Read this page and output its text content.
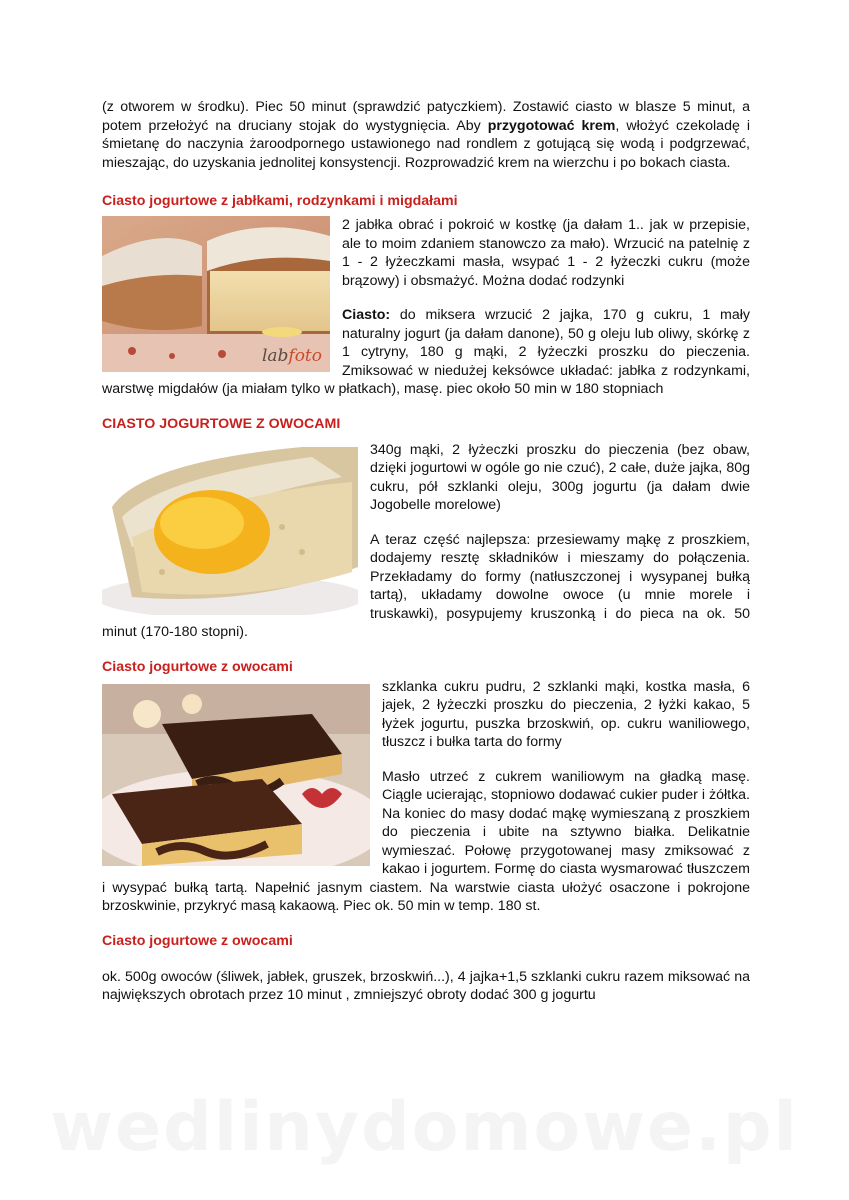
(z otworem w środku). Piec 50 minut (sprawdzić patyczkiem). Zostawić ciasto w blasze 5 minut, a potem przełożyć na druciany stojak do wystygnięcia. Aby przygotować krem, włożyć czekoladę i śmietanę do naczynia żaroodpornego ustawionego nad rondlem z gotującą się wodą i podgrzewać, mieszając, do uzyskania jednolitej konsystencji. Rozprowadzić krem na wierzchu i po bokach ciasta.

Ciasto jogurtowe z jabłkami, rodzynkami i migdałami
labfoto

2 jabłka obrać i pokroić w kostkę (ja dałam 1.. jak w przepisie, ale to moim zdaniem stanowczo za mało). Wrzucić na patelnię z 1 - 2 łyżeczkami masła, wsypać 1 - 2 łyżeczki cukru (może brązowy) i obsmażyć. Można dodać rodzynki

Ciasto: do miksera wrzucić 2 jajka, 170 g cukru, 1 mały naturalny jogurt (ja dałam danone), 50 g oleju lub oliwy, skórkę z 1 cytryny, 180 g mąki, 2 łyżeczki proszku do pieczenia. Zmiksować w niedużej keksówce układać: jabłka z rodzynkami, warstwę migdałów (ja miałam tylko w płatkach), masę. piec około 50 min w 180 stopniach

CIASTO JOGURTOWE Z OWOCAMI

340g mąki, 2 łyżeczki proszku do pieczenia (bez obaw, dzięki jogurtowi w ogóle go nie czuć), 2 całe, duże jajka, 80g cukru, pół szklanki oleju, 300g jogurtu (ja dałam dwie Jogobelle morelowe)

A teraz część najlepsza: przesiewamy mąkę z proszkiem, dodajemy resztę składników i mieszamy do połączenia. Przekładamy do formy (natłuszczonej i wysypanej bułką tartą), układamy dowolne owoce (u mnie morele i truskawki), posypujemy kruszonką i do pieca na ok. 50 minut (170-180 stopni).

Ciasto jogurtowe z owocami

szklanka cukru pudru, 2 szklanki mąki, kostka masła, 6 jajek, 2 łyżeczki proszku do pieczenia, 2 łyżki kakao, 5 łyżek jogurtu, puszka brzoskwiń, op. cukru waniliowego, tłuszcz i bułka tarta do formy

Masło utrzeć z cukrem waniliowym na gładką masę. Ciągle ucierając, stopniowo dodawać cukier puder i żółtka. Na koniec do masy dodać mąkę wymieszaną z proszkiem do pieczenia i ubite na sztywno białka. Delikatnie wymieszać. Połowę przygotowanej masy zmiksować z kakao i jogurtem. Formę do ciasta wysmarować tłuszczem i wysypać bułką tartą. Napełnić jasnym ciastem. Na warstwie ciasta ułożyć osaczone i pokrojone brzoskwinie, przykryć masą kakaową. Piec ok. 50 min w temp. 180 st.

Ciasto jogurtowe z owocami

ok. 500g owoców (śliwek, jabłek, gruszek, brzoskwiń...), 4 jajka+1,5 szklanki cukru razem miksować na największych obrotach przez 10 minut , zmniejszyć obroty dodać 300 g jogurtu

wedlinydomowe.pl
